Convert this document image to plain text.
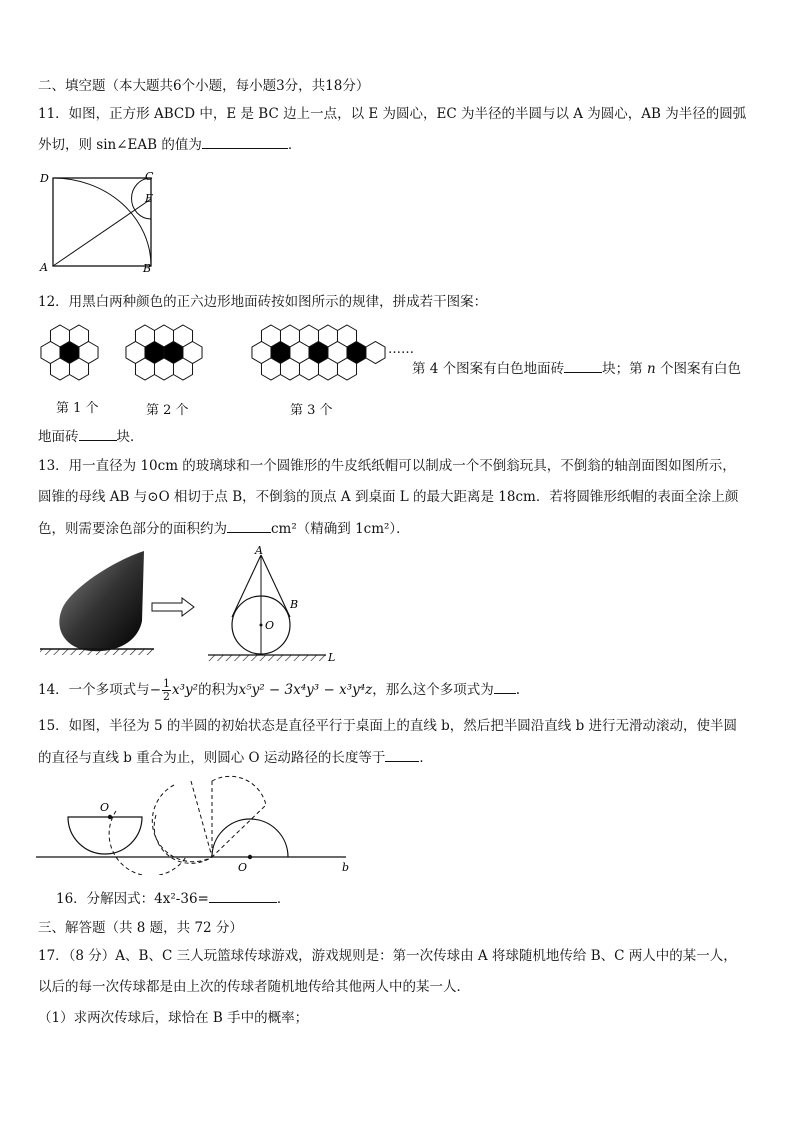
二、填空题（本大题共6个小题，每小题3分，共18分）
11．如图，正方形 ABCD 中，E 是 BC 边上一点，以 E 为圆心，EC 为半径的半圆与以 A 为圆心，AB 为半径的圆弧
外切，则 sin∠EAB 的值为	．
D	C
E
A	B
12．用黑白两种颜色的正六边形地面砖按如图所示的规律，拼成若干图案：
……
第 1 个	第 2 个	第 3 个
第 4 个图案有白色地面砖	块；第 n 个图案有白色
地面砖	块．
13．用一直径为 10cm 的玻璃球和一个圆锥形的牛皮纸纸帽可以制成一个不倒翁玩具，不倒翁的轴剖面图如图所示，
圆锥的母线 AB 与⊙O 相切于点 B，不倒翁的顶点 A 到桌面 L 的最大距离是 18cm．若将圆锥形纸帽的表面全涂上颜
色，则需要涂色部分的面积约为	cm²（精确到 1cm²）．
A
B
O
L
14．一个多项式与− $\frac{1}{2} x^3y^2$的积为x⁵y² − 3x⁴y³ − x³y⁴z，那么这个多项式为 .
15．如图，半径为 5 的半圆的初始状态是直径平行于桌面上的直线 b，然后把半圆沿直线 b 进行无滑动滚动，使半圆
的直径与直线 b 重合为止，则圆心 O 运动路径的长度等于	．
O
O	b
16．分解因式：4x²-36=	．
三、解答题（共 8 题，共 72 分）
17．（8 分）A、B、C 三人玩篮球传球游戏，游戏规则是：第一次传球由 A 将球随机地传给 B、C 两人中的某一人，
以后的每一次传球都是由上次的传球者随机地传给其他两人中的某一人．
（1）求两次传球后，球恰在 B 手中的概率；
